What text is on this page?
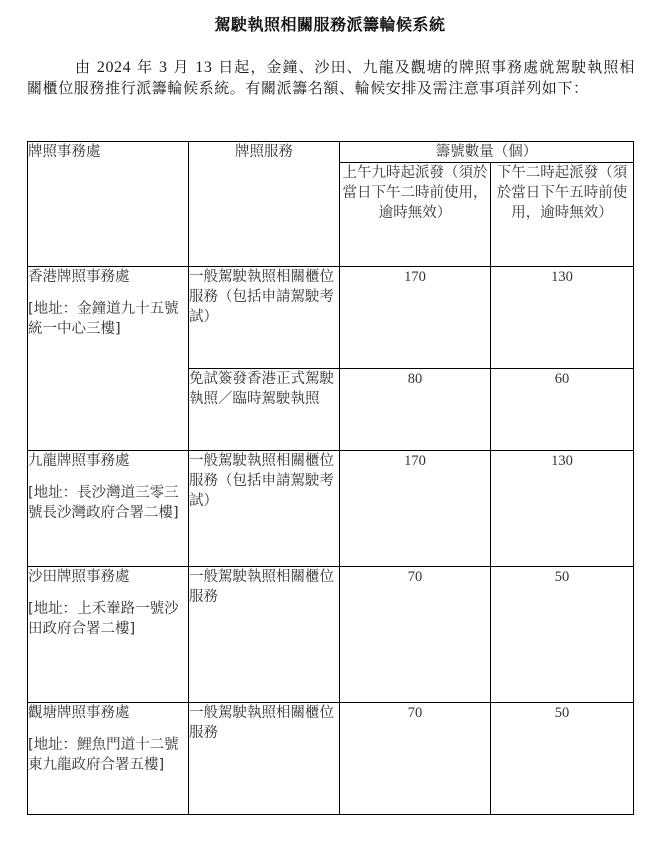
駕駛執照相關服務派籌輪候系統

由 2024 年 3 月 13 日起，金鐘、沙田、九龍及觀塘的牌照事務處就駕駛執照相關櫃位服務推行派籌輪候系統。有關派籌名額、輪候安排及需注意事項詳列如下：

牌照事務處	牌照服務	籌號數量（個）	
		上午九時起派發（須於當日下午二時前使用，逾時無效）	下午二時起派發（須於當日下午五時前使用，逾時無效）
香港牌照事務處
[地址：金鐘道九十五號統一中心三樓]	一般駕駛執照相關櫃位服務（包括申請駕駛考試）	170	130
	免試簽發香港正式駕駛執照／臨時駕駛執照	80	60
九龍牌照事務處
[地址：長沙灣道三零三號長沙灣政府合署二樓]	一般駕駛執照相關櫃位服務（包括申請駕駛考試）	170	130
沙田牌照事務處
[地址：上禾輋路一號沙田政府合署二樓]	一般駕駛執照相關櫃位服務	70	50
觀塘牌照事務處
[地址：鯉魚門道十二號東九龍政府合署五樓]	一般駕駛執照相關櫃位服務	70	50
